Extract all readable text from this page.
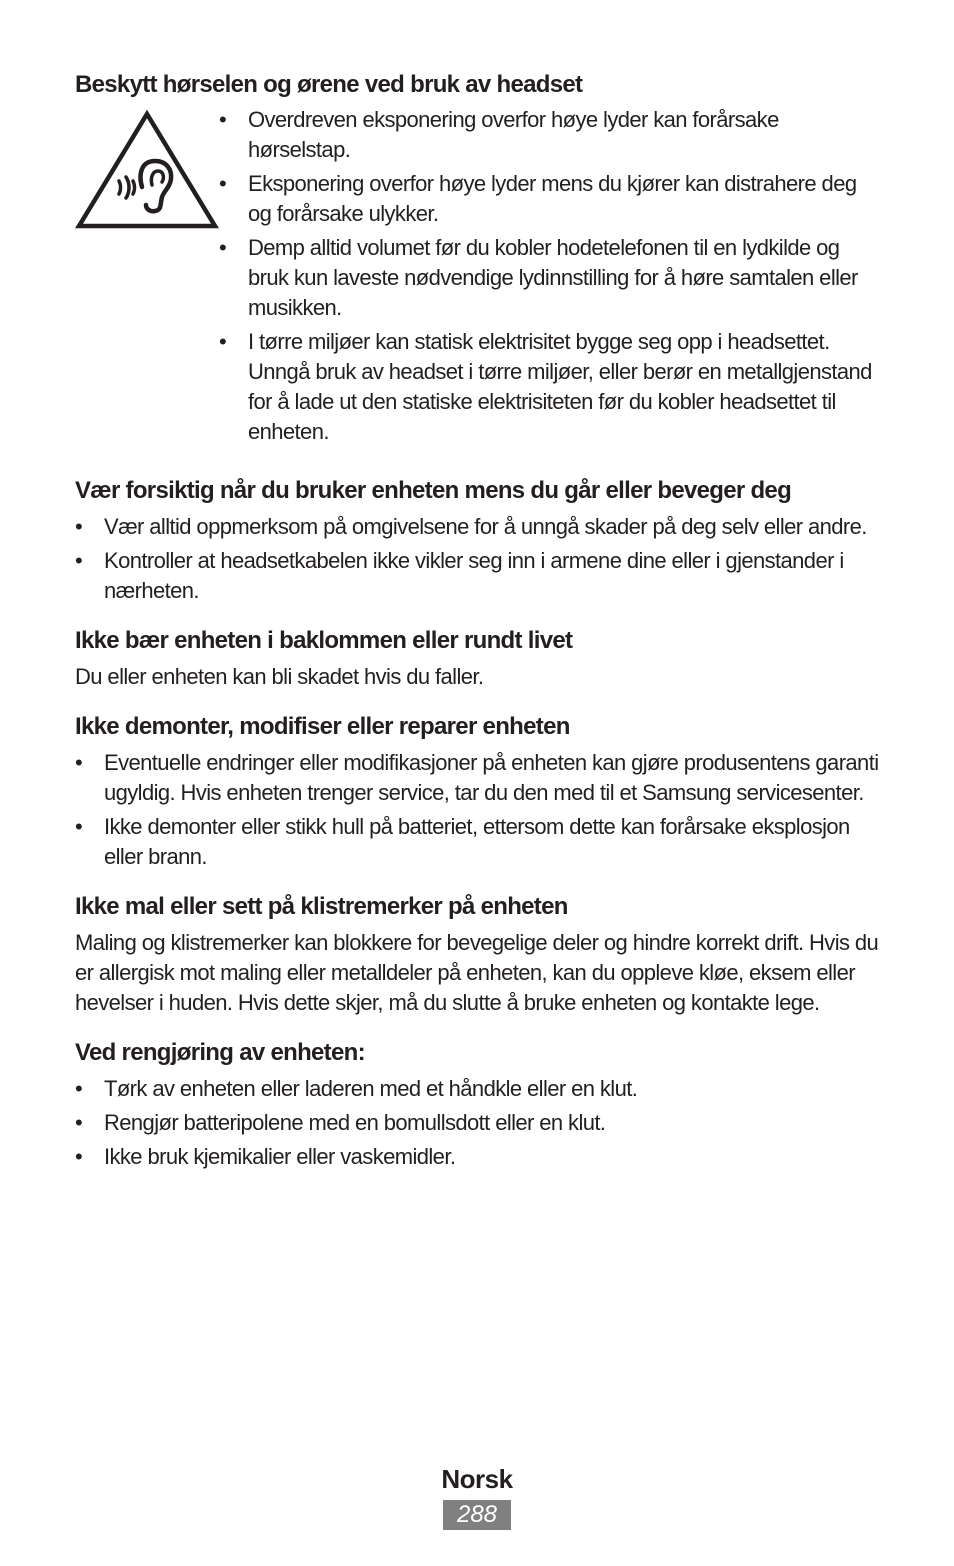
Beskytt hørselen og ørene ved bruk av headset
• Overdreven eksponering overfor høye lyder kan forårsake hørselstap.
• Eksponering overfor høye lyder mens du kjører kan distrahere deg og forårsake ulykker.
• Demp alltid volumet før du kobler hodetelefonen til en lydkilde og bruk kun laveste nødvendige lydinnstilling for å høre samtalen eller musikken.
• I tørre miljøer kan statisk elektrisitet bygge seg opp i headsettet. Unngå bruk av headset i tørre miljøer, eller berør en metallgjenstand for å lade ut den statiske elektrisiteten før du kobler headsettet til enheten.
Vær forsiktig når du bruker enheten mens du går eller beveger deg
• Vær alltid oppmerksom på omgivelsene for å unngå skader på deg selv eller andre.
• Kontroller at headsetkabelen ikke vikler seg inn i armene dine eller i gjenstander i nærheten.
Ikke bær enheten i baklommen eller rundt livet

Du eller enheten kan bli skadet hvis du faller.

Ikke demonter, modifiser eller reparer enheten
• Eventuelle endringer eller modifikasjoner på enheten kan gjøre produsentens garanti ugyldig. Hvis enheten trenger service, tar du den med til et Samsung servicesenter.
• Ikke demonter eller stikk hull på batteriet, ettersom dette kan forårsake eksplosjon eller brann.
Ikke mal eller sett på klistremerker på enheten

Maling og klistremerker kan blokkere for bevegelige deler og hindre korrekt drift. Hvis du er allergisk mot maling eller metalldeler på enheten, kan du oppleve kløe, eksem eller hevelser i huden. Hvis dette skjer, må du slutte å bruke enheten og kontakte lege.

Ved rengjøring av enheten:
• Tørk av enheten eller laderen med et håndkle eller en klut.
• Rengjør batteripolene med en bomullsdott eller en klut.
• Ikke bruk kjemikalier eller vaskemidler.
Norsk
288
